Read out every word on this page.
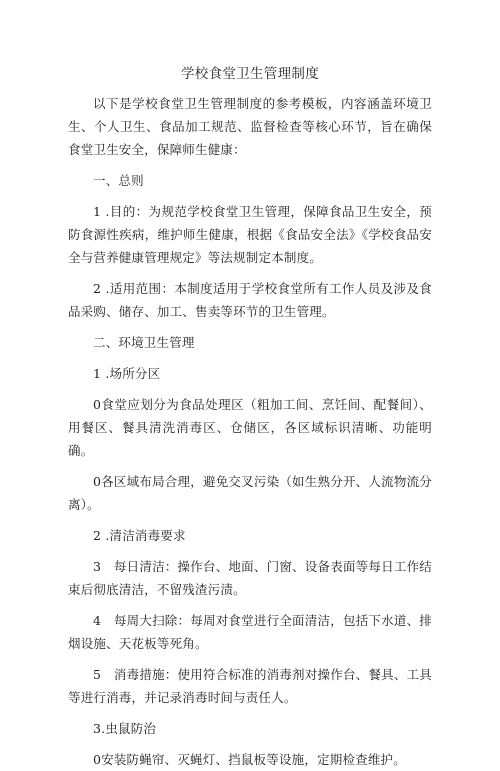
学校食堂卫生管理制度

以下是学校食堂卫生管理制度的参考模板，内容涵盖环境卫生、个人卫生、食品加工规范、监督检查等核心环节，旨在确保食堂卫生安全，保障师生健康：

一、总则

1 .目的：为规范学校食堂卫生管理，保障食品卫生安全，预防食源性疾病，维护师生健康，根据《食品安全法》《学校食品安全与营养健康管理规定》等法规制定本制度。

2 .适用范围：本制度适用于学校食堂所有工作人员及涉及食品采购、储存、加工、售卖等环节的卫生管理。

二、环境卫生管理

1 .场所分区

0食堂应划分为食品处理区（粗加工间、烹饪间、配餐间）、用餐区、餐具清洗消毒区、仓储区，各区域标识清晰、功能明确。

0各区域布局合理，避免交叉污染（如生熟分开、人流物流分离）。

2 .清洁消毒要求

3　每日清洁：操作台、地面、门窗、设备表面等每日工作结束后彻底清洁，不留残渣污渍。

4　每周大扫除：每周对食堂进行全面清洁，包括下水道、排烟设施、天花板等死角。

5　消毒措施：使用符合标准的消毒剂对操作台、餐具、工具等进行消毒，并记录消毒时间与责任人。

3.虫鼠防治

0安装防蝇帘、灭蝇灯、挡鼠板等设施，定期检查维护。
